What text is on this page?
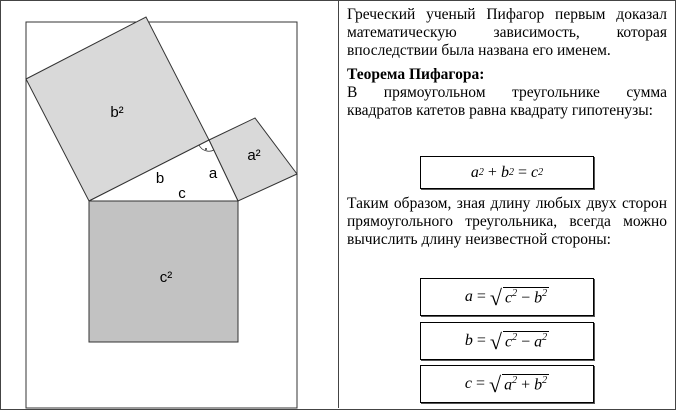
b²
a²
c²
b	a
c

Греческий ученый Пифагор первым доказал математическую зависимость, которая впоследствии была названа его именем.

Теорема Пифагора:

В прямоугольном треугольнике сумма квадратов катетов равна квадрату гипотенузы:

a 2
+
b 2
=
c 2

Таким образом, зная длину любых двух сторон прямоугольного треугольника, всегда можно вычислить длину неизвестной стороны:

a
= √ $c^2 - b^2$
b
= √ $c^2 - a^2$
c
= √ $a^2 + b^2$
